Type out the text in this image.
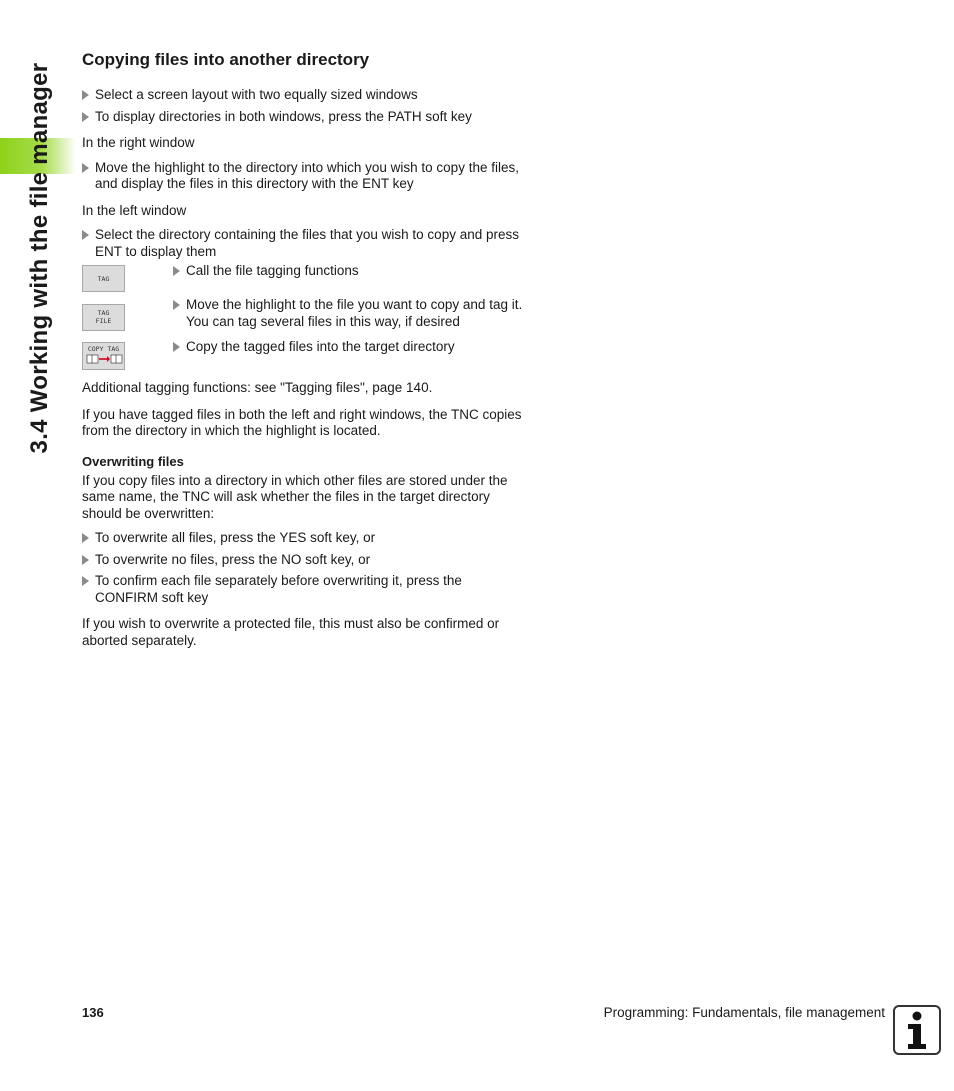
3.4 Working with the file manager
Copying files into another directory
Select a screen layout with two equally sized windows
To display directories in both windows, press the PATH soft key
In the right window
Move the highlight to the directory into which you wish to copy the files, and display the files in this directory with the ENT key
In the left window
Select the directory containing the files that you wish to copy and press ENT to display them
TAG
Call the file tagging functions
TAG
FILE
Move the highlight to the file you want to copy and tag it. You can tag several files in this way, if desired
COPY TAG	Copy the tagged files into the target directory
Additional tagging functions: see "Tagging files", page 140.
If you have tagged files in both the left and right windows, the TNC copies from the directory in which the highlight is located.
Overwriting files
If you copy files into a directory in which other files are stored under the same name, the TNC will ask whether the files in the target directory should be overwritten:
To overwrite all files, press the YES soft key, or
To overwrite no files, press the NO soft key, or
To confirm each file separately before overwriting it, press the CONFIRM soft key
If you wish to overwrite a protected file, this must also be confirmed or aborted separately.
136	Programming: Fundamentals, file management
